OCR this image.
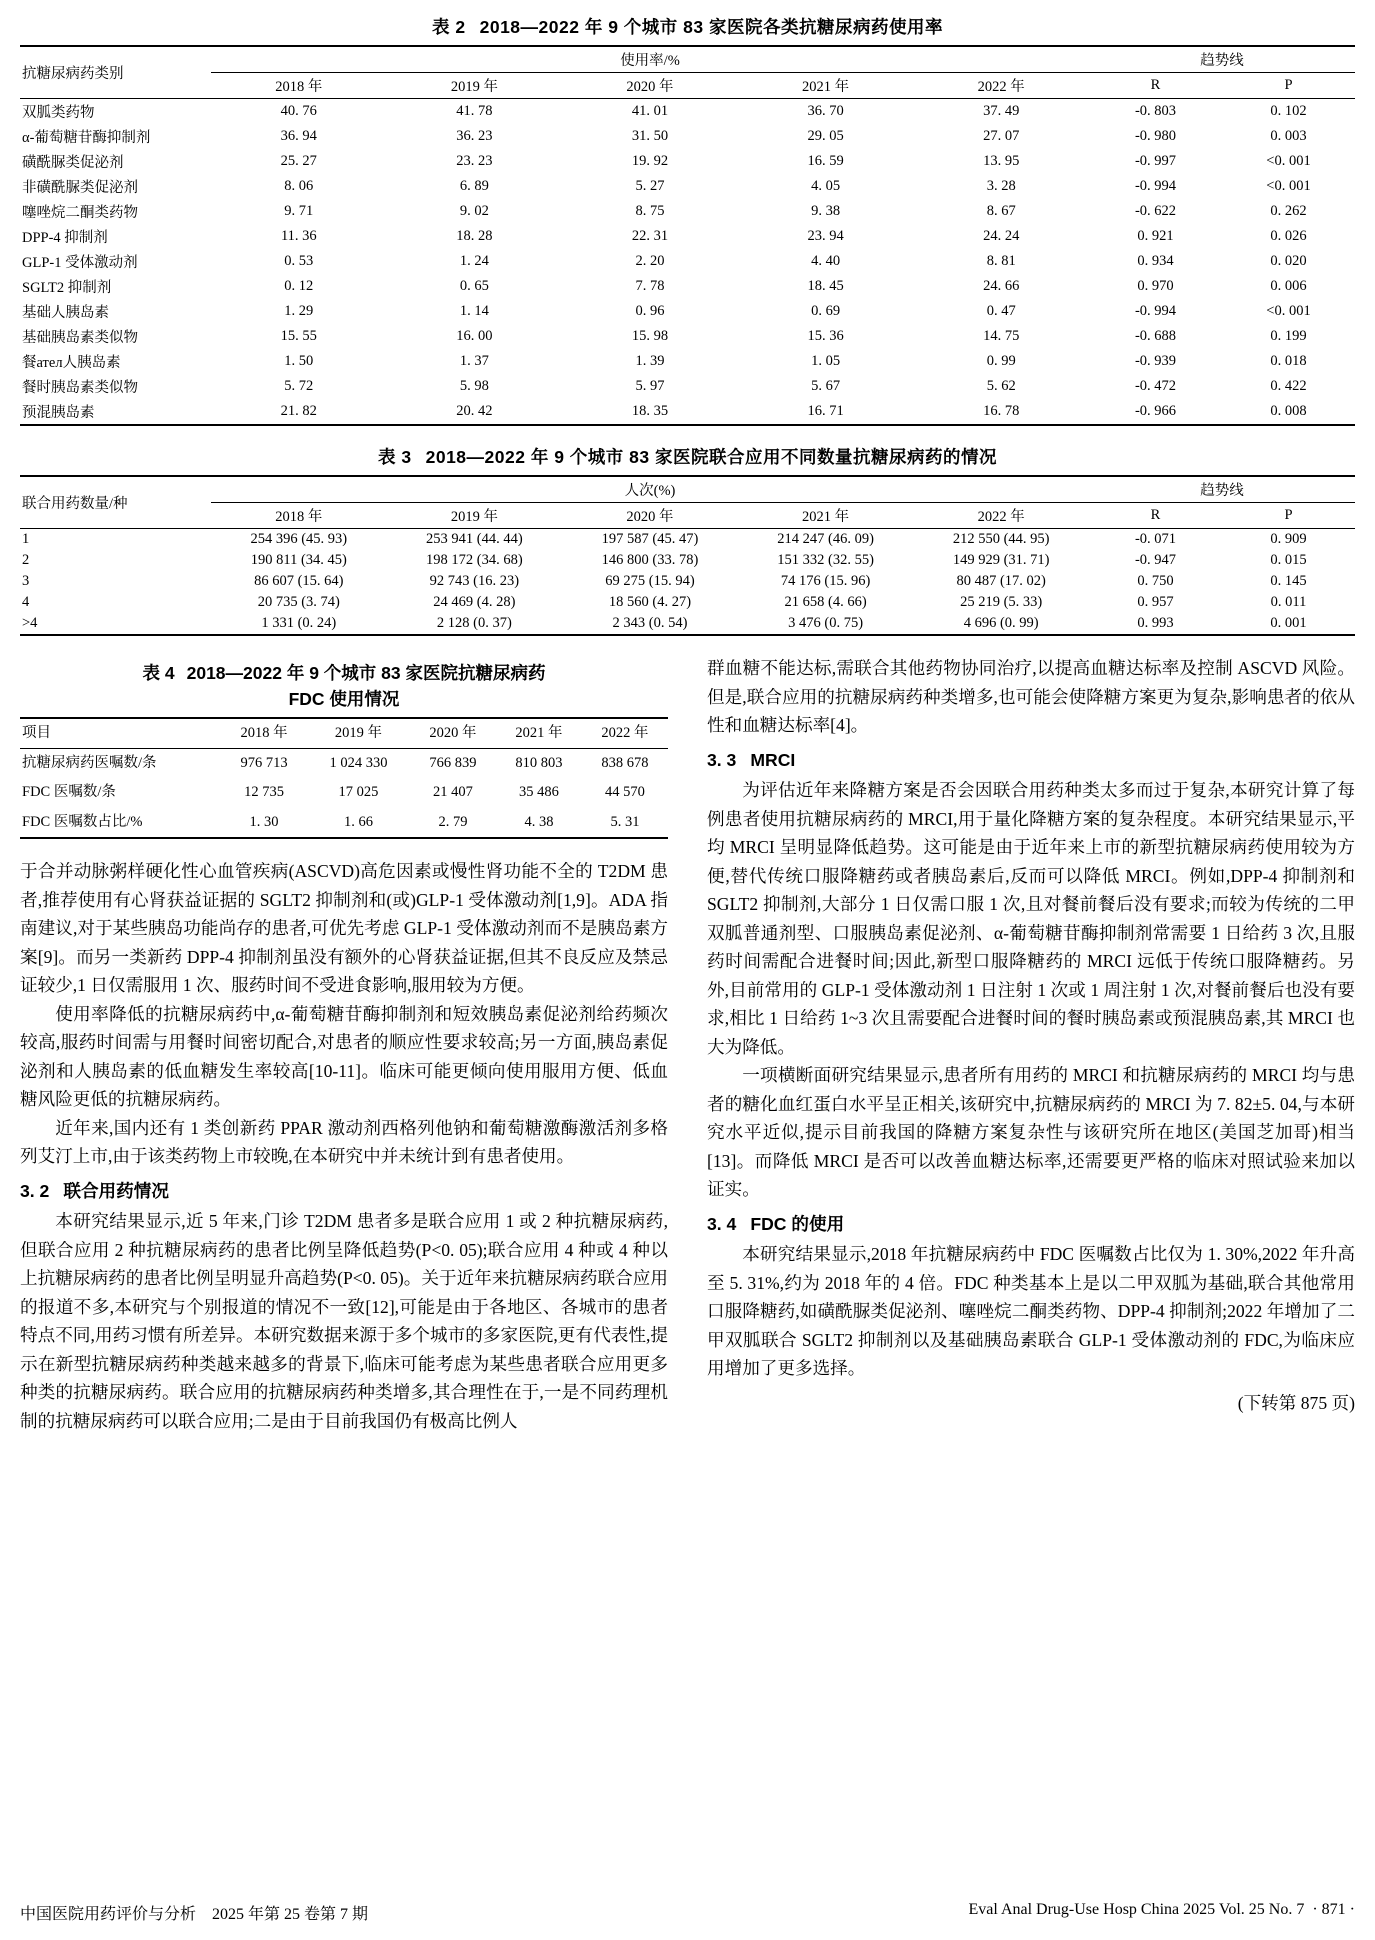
表 2 2018—2022 年 9 个城市 83 家医院各类抗糖尿病药使用率
抗糖尿病药类别	使用率/%					趋势线	
	2018 年	2019 年	2020 年	2021 年	2022 年	R	P
双胍类药物	40. 76	41. 78	41. 01	36. 70	37. 49	-0. 803	0. 102
α-葡萄糖苷酶抑制剂	36. 94	36. 23	31. 50	29. 05	27. 07	-0. 980	0. 003
磺酰脲类促泌剂	25. 27	23. 23	19. 92	16. 59	13. 95	-0. 997	<0. 001
非磺酰脲类促泌剂	8. 06	6. 89	5. 27	4. 05	3. 28	-0. 994	<0. 001
噻唑烷二酮类药物	9. 71	9. 02	8. 75	9. 38	8. 67	-0. 622	0. 262
DPP-4 抑制剂	11. 36	18. 28	22. 31	23. 94	24. 24	0. 921	0. 026
GLP-1 受体激动剂	0. 53	1. 24	2. 20	4. 40	8. 81	0. 934	0. 020
SGLT2 抑制剂	0. 12	0. 65	7. 78	18. 45	24. 66	0. 970	0. 006
基础人胰岛素	1. 29	1. 14	0. 96	0. 69	0. 47	-0. 994	<0. 001
基础胰岛素类似物	15. 55	16. 00	15. 98	15. 36	14. 75	-0. 688	0. 199
餐ател人胰岛素	1. 50	1. 37	1. 39	1. 05	0. 99	-0. 939	0. 018
餐时胰岛素类似物	5. 72	5. 98	5. 97	5. 67	5. 62	-0. 472	0. 422
预混胰岛素	21. 82	20. 42	18. 35	16. 71	16. 78	-0. 966	0. 008
表 3 2018—2022 年 9 个城市 83 家医院联合应用不同数量抗糖尿病药的情况
联合用药数量/种	人次(%)					趋势线	
	2018 年	2019 年	2020 年	2021 年	2022 年	R	P
1	254 396 (45. 93)	253 941 (44. 44)	197 587 (45. 47)	214 247 (46. 09)	212 550 (44. 95)	-0. 071	0. 909
2	190 811 (34. 45)	198 172 (34. 68)	146 800 (33. 78)	151 332 (32. 55)	149 929 (31. 71)	-0. 947	0. 015
3	86 607 (15. 64)	92 743 (16. 23)	69 275 (15. 94)	74 176 (15. 96)	80 487 (17. 02)	0. 750	0. 145
4	20 735 (3. 74)	24 469 (4. 28)	18 560 (4. 27)	21 658 (4. 66)	25 219 (5. 33)	0. 957	0. 011
>4	1 331 (0. 24)	2 128 (0. 37)	2 343 (0. 54)	3 476 (0. 75)	4 696 (0. 99)	0. 993	0. 001
表 4 2018—2022 年 9 个城市 83 家医院抗糖尿病药
FDC 使用情况
项目	2018 年	2019 年	2020 年	2021 年	2022 年
抗糖尿病药医嘱数/条	976 713	1 024 330	766 839	810 803	838 678
FDC 医嘱数/条	12 735	17 025	21 407	35 486	44 570
FDC 医嘱数占比/%	1. 30	1. 66	2. 79	4. 38	5. 31

于合并动脉粥样硬化性心血管疾病(ASCVD)高危因素或慢性肾功能不全的 T2DM 患者,推荐使用有心肾获益证据的 SGLT2 抑制剂和(或)GLP-1 受体激动剂[1,9]。ADA 指南建议,对于某些胰岛功能尚存的患者,可优先考虑 GLP-1 受体激动剂而不是胰岛素方案[9]。而另一类新药 DPP-4 抑制剂虽没有额外的心肾获益证据,但其不良反应及禁忌证较少,1 日仅需服用 1 次、服药时间不受进食影响,服用较为方便。

使用率降低的抗糖尿病药中,α-葡萄糖苷酶抑制剂和短效胰岛素促泌剂给药频次较高,服药时间需与用餐时间密切配合,对患者的顺应性要求较高;另一方面,胰岛素促泌剂和人胰岛素的低血糖发生率较高[10-11]。临床可能更倾向使用服用方便、低血糖风险更低的抗糖尿病药。

近年来,国内还有 1 类创新药 PPAR 激动剂西格列他钠和葡萄糖激酶激活剂多格列艾汀上市,由于该类药物上市较晚,在本研究中并未统计到有患者使用。

3. 2 联合用药情况

本研究结果显示,近 5 年来,门诊 T2DM 患者多是联合应用 1 或 2 种抗糖尿病药,但联合应用 2 种抗糖尿病药的患者比例呈降低趋势(P<0. 05);联合应用 4 种或 4 种以上抗糖尿病药的患者比例呈明显升高趋势(P<0. 05)。关于近年来抗糖尿病药联合应用的报道不多,本研究与个别报道的情况不一致[12],可能是由于各地区、各城市的患者特点不同,用药习惯有所差异。本研究数据来源于多个城市的多家医院,更有代表性,提示在新型抗糖尿病药种类越来越多的背景下,临床可能考虑为某些患者联合应用更多种类的抗糖尿病药。联合应用的抗糖尿病药种类增多,其合理性在于,一是不同药理机制的抗糖尿病药可以联合应用;二是由于目前我国仍有极高比例人

群血糖不能达标,需联合其他药物协同治疗,以提高血糖达标率及控制 ASCVD 风险。但是,联合应用的抗糖尿病药种类增多,也可能会使降糖方案更为复杂,影响患者的依从性和血糖达标率[4]。

3. 3 MRCI

为评估近年来降糖方案是否会因联合用药种类太多而过于复杂,本研究计算了每例患者使用抗糖尿病药的 MRCI,用于量化降糖方案的复杂程度。本研究结果显示,平均 MRCI 呈明显降低趋势。这可能是由于近年来上市的新型抗糖尿病药使用较为方便,替代传统口服降糖药或者胰岛素后,反而可以降低 MRCI。例如,DPP-4 抑制剂和 SGLT2 抑制剂,大部分 1 日仅需口服 1 次,且对餐前餐后没有要求;而较为传统的二甲双胍普通剂型、口服胰岛素促泌剂、α-葡萄糖苷酶抑制剂常需要 1 日给药 3 次,且服药时间需配合进餐时间;因此,新型口服降糖药的 MRCI 远低于传统口服降糖药。另外,目前常用的 GLP-1 受体激动剂 1 日注射 1 次或 1 周注射 1 次,对餐前餐后也没有要求,相比 1 日给药 1~3 次且需要配合进餐时间的餐时胰岛素或预混胰岛素,其 MRCI 也大为降低。

一项横断面研究结果显示,患者所有用药的 MRCI 和抗糖尿病药的 MRCI 均与患者的糖化血红蛋白水平呈正相关,该研究中,抗糖尿病药的 MRCI 为 7. 82±5. 04,与本研究水平近似,提示目前我国的降糖方案复杂性与该研究所在地区(美国芝加哥)相当[13]。而降低 MRCI 是否可以改善血糖达标率,还需要更严格的临床对照试验来加以证实。

3. 4 FDC 的使用

本研究结果显示,2018 年抗糖尿病药中 FDC 医嘱数占比仅为 1. 30%,2022 年升高至 5. 31%,约为 2018 年的 4 倍。FDC 种类基本上是以二甲双胍为基础,联合其他常用口服降糖药,如磺酰脲类促泌剂、噻唑烷二酮类药物、DPP-4 抑制剂;2022 年增加了二甲双胍联合 SGLT2 抑制剂以及基础胰岛素联合 GLP-1 受体激动剂的 FDC,为临床应用增加了更多选择。

(下转第 875 页)
中国医院用药评价与分析    2025 年第 25 卷第 7 期	Eval Anal Drug-Use Hosp China 2025 Vol. 25 No. 7  · 871 ·
